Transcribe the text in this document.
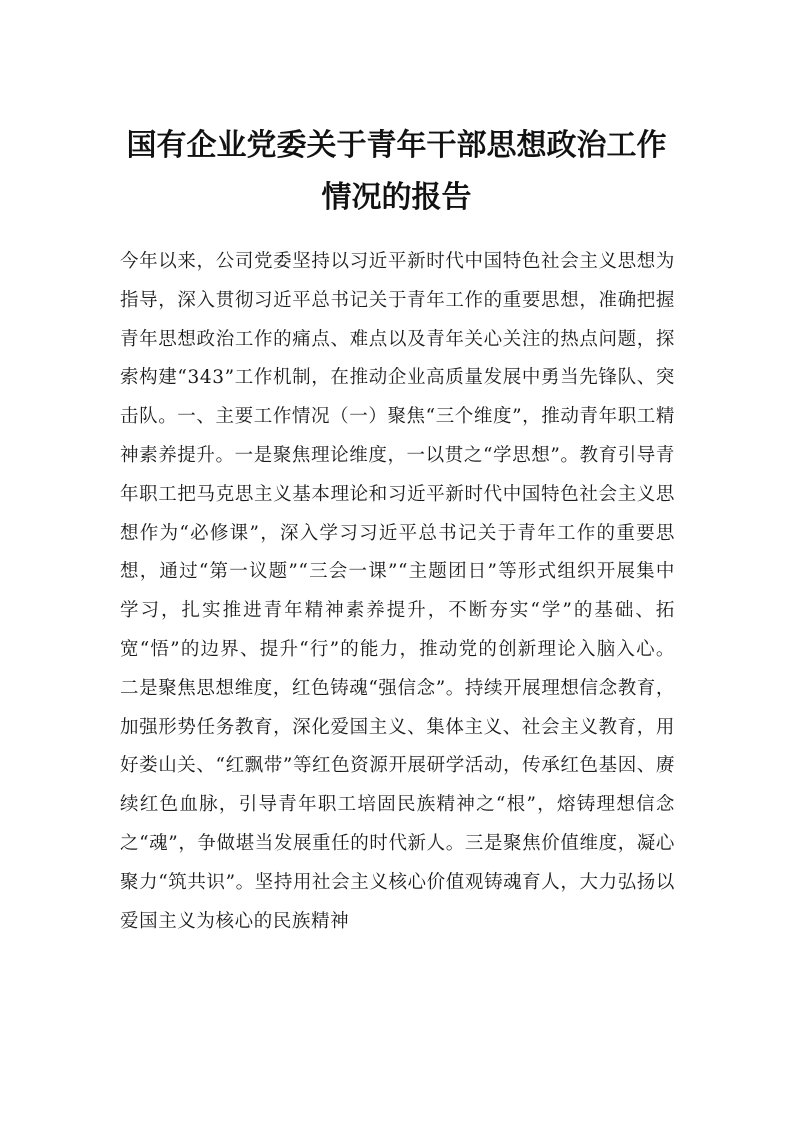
国有企业党委关于青年干部思想政治工作
情况的报告

今年以来，公司党委坚持以习近平新时代中国特色社会主义思想为指导，深入贯彻习近平总书记关于青年工作的重要思想，准确把握青年思想政治工作的痛点、难点以及青年关心关注的热点问题，探索构建“343”工作机制，在推动企业高质量发展中勇当先锋队、突击队。一、主要工作情况（一）聚焦“三个维度”，推动青年职工精神素养提升。一是聚焦理论维度，一以贯之“学思想”。教育引导青年职工把马克思主义基本理论和习近平新时代中国特色社会主义思想作为“必修课”，深入学习习近平总书记关于青年工作的重要思想，通过“第一议题”“三会一课”“主题团日”等形式组织开展集中学习，扎实推进青年精神素养提升，不断夯实“学”的基础、拓宽“悟”的边界、提升“行”的能力，推动党的创新理论入脑入心。二是聚焦思想维度，红色铸魂“强信念”。持续开展理想信念教育，加强形势任务教育，深化爱国主义、集体主义、社会主义教育，用好娄山关、“红飘带”等红色资源开展研学活动，传承红色基因、赓续红色血脉，引导青年职工培固民族精神之“根”，熔铸理想信念之“魂”，争做堪当发展重任的时代新人。三是聚焦价值维度，凝心聚力“筑共识”。坚持用社会主义核心价值观铸魂育人，大力弘扬以爱国主义为核心的民族精神
